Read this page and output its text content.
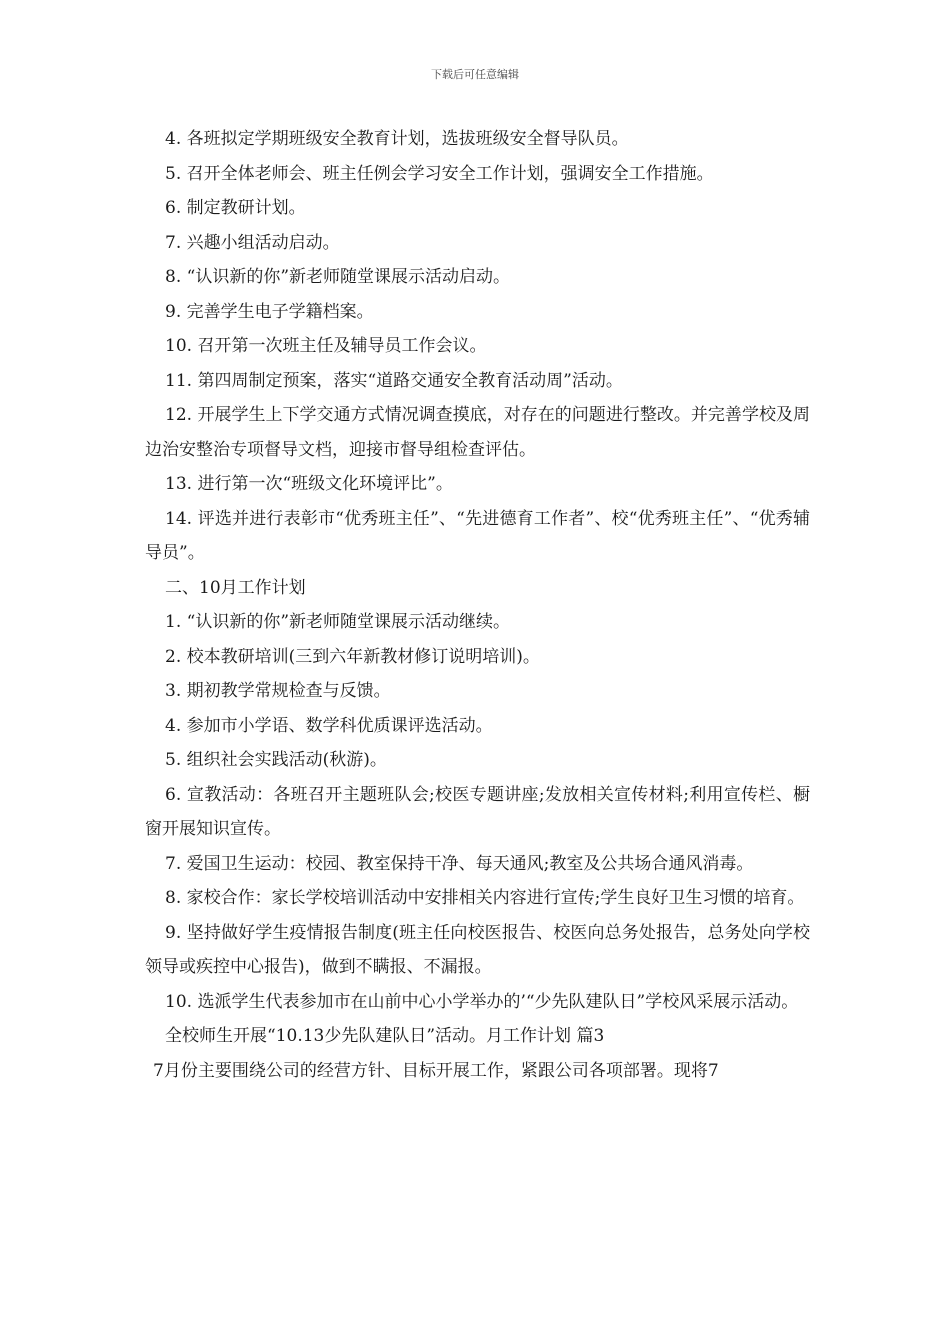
下载后可任意编辑

4. 各班拟定学期班级安全教育计划，选拔班级安全督导队员。

5. 召开全体老师会、班主任例会学习安全工作计划，强调安全工作措施。

6. 制定教研计划。

7. 兴趣小组活动启动。

8. “认识新的你”新老师随堂课展示活动启动。

9. 完善学生电子学籍档案。

10. 召开第一次班主任及辅导员工作会议。

11. 第四周制定预案，落实“道路交通安全教育活动周”活动。

12. 开展学生上下学交通方式情况调查摸底，对存在的问题进行整改。并完善学校及周边治安整治专项督导文档，迎接市督导组检查评估。

13. 进行第一次“班级文化环境评比”。

14. 评选并进行表彰市“优秀班主任”、“先进德育工作者”、校“优秀班主任”、“优秀辅导员”。

二、10月工作计划

1. “认识新的你”新老师随堂课展示活动继续。

2. 校本教研培训(三到六年新教材修订说明培训)。

3. 期初教学常规检查与反馈。

4. 参加市小学语、数学科优质课评选活动。

5. 组织社会实践活动(秋游)。

6. 宣教活动：各班召开主题班队会;校医专题讲座;发放相关宣传材料;利用宣传栏、橱窗开展知识宣传。

7. 爱国卫生运动：校园、教室保持干净、每天通风;教室及公共场合通风消毒。

8. 家校合作：家长学校培训活动中安排相关内容进行宣传;学生良好卫生习惯的培育。

9. 坚持做好学生疫情报告制度(班主任向校医报告、校医向总务处报告，总务处向学校领导或疾控中心报告)，做到不瞒报、不漏报。

10. 选派学生代表参加市在山前中心小学举办的’“少先队建队日”学校风采展示活动。

全校师生开展“10.13少先队建队日”活动。月工作计划 篇3

7月份主要围绕公司的经营方针、目标开展工作，紧跟公司各项部署。现将7
